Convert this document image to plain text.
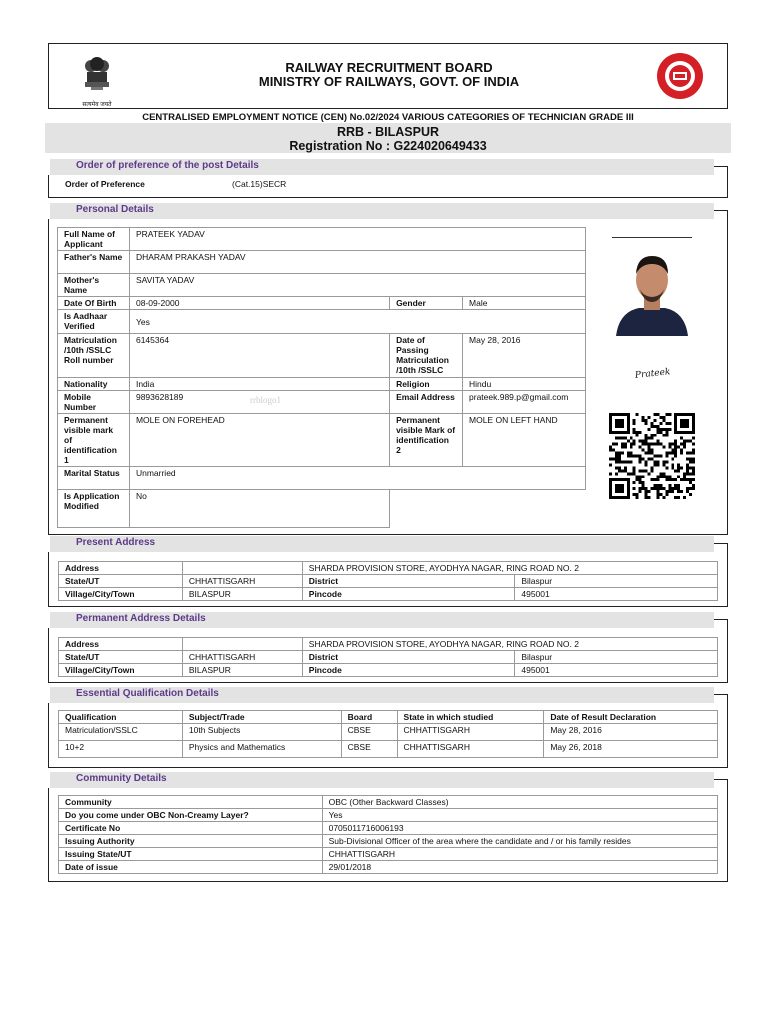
सत्यमेव जयते
RAILWAY RECRUITMENT BOARD
MINISTRY OF RAILWAYS, GOVT. OF INDIA
CENTRALISED EMPLOYMENT NOTICE (CEN) No.02/2024 VARIOUS CATEGORIES OF TECHNICIAN GRADE III
RRB - BILASPUR
Registration No : G224020649433
Order of preference of the post Details
Order of Preference	(Cat.15)SECR
Personal Details
Full Name of Applicant	PRATEEK YADAV		
Father's Name	DHARAM PRAKASH YADAV		
Mother's Name	SAVITA YADAV		
Date Of Birth	08-09-2000	Gender	Male
Is Aadhaar Verified	Yes		
Matriculation /10th /SSLC Roll number	6145364	Date of Passing Matriculation /10th /SSLC	May 28, 2016
Nationality	India	Religion	Hindu
Mobile Number	9893628189 rrblogo1	Email Address	prateek.989.p@gmail.com
Permanent visible mark of identification 1	MOLE ON FOREHEAD	Permanent visible Mark of identification 2	MOLE ON LEFT HAND
Marital Status	Unmarried		
Is Application Modified	No		
Prateek
Present Address
Address		SHARDA PROVISION STORE, AYODHYA NAGAR, RING ROAD NO. 2	
State/UT	CHHATTISGARH	District	Bilaspur
Village/City/Town	BILASPUR	Pincode	495001
Permanent Address Details
Address		SHARDA PROVISION STORE, AYODHYA NAGAR, RING ROAD NO. 2	
State/UT	CHHATTISGARH	District	Bilaspur
Village/City/Town	BILASPUR	Pincode	495001
Essential Qualification Details
Qualification	Subject/Trade	Board	State in which studied	Date of Result Declaration
Matriculation/SSLC	10th Subjects	CBSE	CHHATTISGARH	May 28, 2016
10+2	Physics and Mathematics	CBSE	CHHATTISGARH	May 26, 2018
Community Details
Community	OBC (Other Backward Classes)
Do you come under OBC Non-Creamy Layer?	Yes
Certificate No	0705011716006193
Issuing Authority	Sub-Divisional Officer of the area where the candidate and / or his family resides
Issuing State/UT	CHHATTISGARH
Date of issue	29/01/2018
